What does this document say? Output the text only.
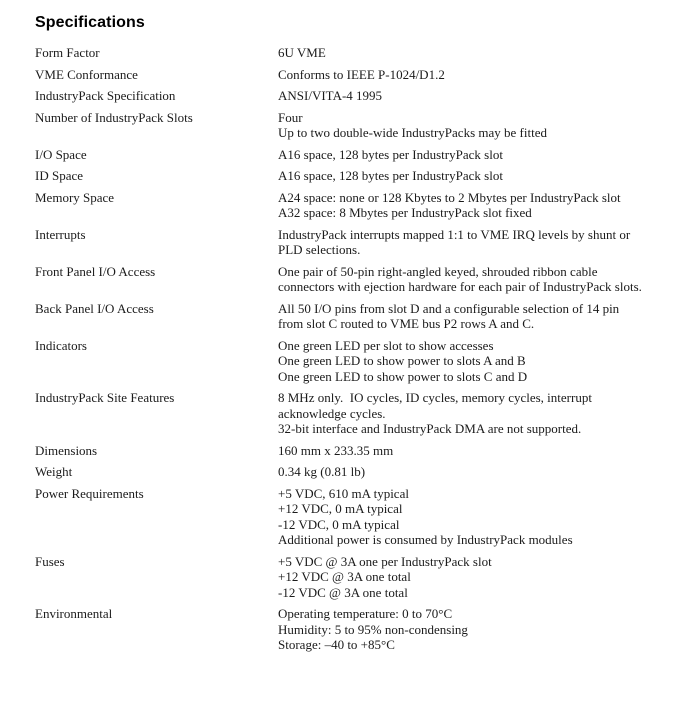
Specifications
Form Factor	6U VME
VME Conformance	Conforms to IEEE P-1024/D1.2
IndustryPack Specification	ANSI/VITA-4 1995
Number of IndustryPack Slots	Four
Up to two double-wide IndustryPacks may be fitted
I/O Space	A16 space, 128 bytes per IndustryPack slot
ID Space	A16 space, 128 bytes per IndustryPack slot
Memory Space	A24 space: none or 128 Kbytes to 2 Mbytes per IndustryPack slot
A32 space: 8 Mbytes per IndustryPack slot fixed
Interrupts	IndustryPack interrupts mapped 1:1 to VME IRQ levels by shunt or PLD selections.
Front Panel I/O Access	One pair of 50-pin right-angled keyed, shrouded ribbon cable connectors with ejection hardware for each pair of IndustryPack slots.
Back Panel I/O Access	All 50 I/O pins from slot D and a configurable selection of 14 pin from slot C routed to VME bus P2 rows A and C.
Indicators	One green LED per slot to show accesses
One green LED to show power to slots A and B
One green LED to show power to slots C and D
IndustryPack Site Features	8 MHz only.  IO cycles, ID cycles, memory cycles, interrupt acknowledge cycles.
32-bit interface and IndustryPack DMA are not supported.
Dimensions	160 mm x 233.35 mm
Weight	0.34 kg (0.81 lb)
Power Requirements	+5 VDC, 610 mA typical
+12 VDC, 0 mA typical
-12 VDC, 0 mA typical
Additional power is consumed by IndustryPack modules
Fuses	+5 VDC @ 3A one per IndustryPack slot
+12 VDC @ 3A one total
-12 VDC @ 3A one total
Environmental	Operating temperature: 0 to 70°C
Humidity: 5 to 95% non-condensing
Storage: –40 to +85°C
